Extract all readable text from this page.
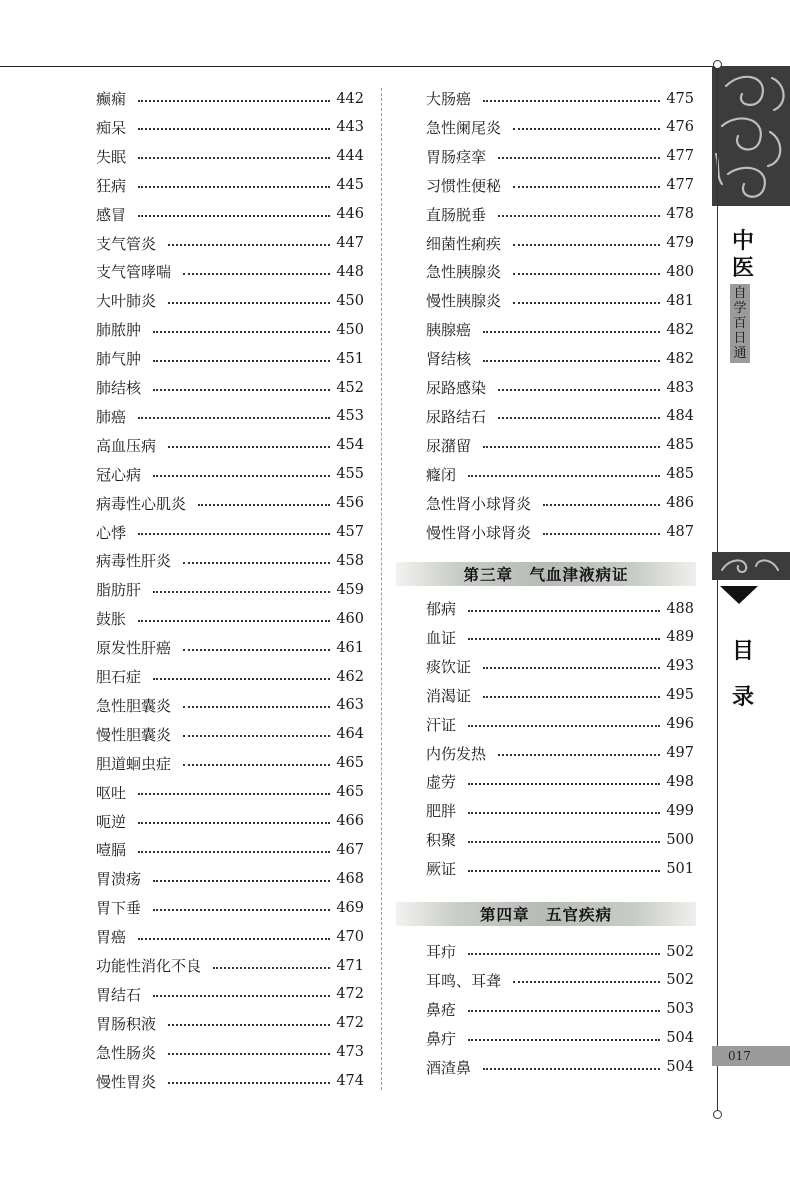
癫痫	442
痴呆	443
失眠	444
狂病	445
感冒	446
支气管炎	447
支气管哮喘	448
大叶肺炎	450
肺脓肿	450
肺气肿	451
肺结核	452
肺癌	453
高血压病	454
冠心病	455
病毒性心肌炎	456
心悸	457
病毒性肝炎	458
脂肪肝	459
鼓胀	460
原发性肝癌	461
胆石症	462
急性胆囊炎	463
慢性胆囊炎	464
胆道蛔虫症	465
呕吐	465
呃逆	466
噎膈	467
胃溃疡	468
胃下垂	469
胃癌	470
功能性消化不良	471
胃结石	472
胃肠积液	472
急性肠炎	473
慢性胃炎	474
大肠癌	475
急性阑尾炎	476
胃肠痉挛	477
习惯性便秘	477
直肠脱垂	478
细菌性痢疾	479
急性胰腺炎	480
慢性胰腺炎	481
胰腺癌	482
肾结核	482
尿路感染	483
尿路结石	484
尿潴留	485
癃闭	485
急性肾小球肾炎	486
慢性肾小球肾炎	487
郁病	488
血证	489
痰饮证	493
消渴证	495
汗证	496
内伤发热	497
虚劳	498
肥胖	499
积聚	500
厥证	501
耳疖	502
耳鸣、耳聋	502
鼻疮	503
鼻疔	504
酒渣鼻	504
第三章　气血津液病证
第四章　五官疾病
中医
自学百日通
目录
017
